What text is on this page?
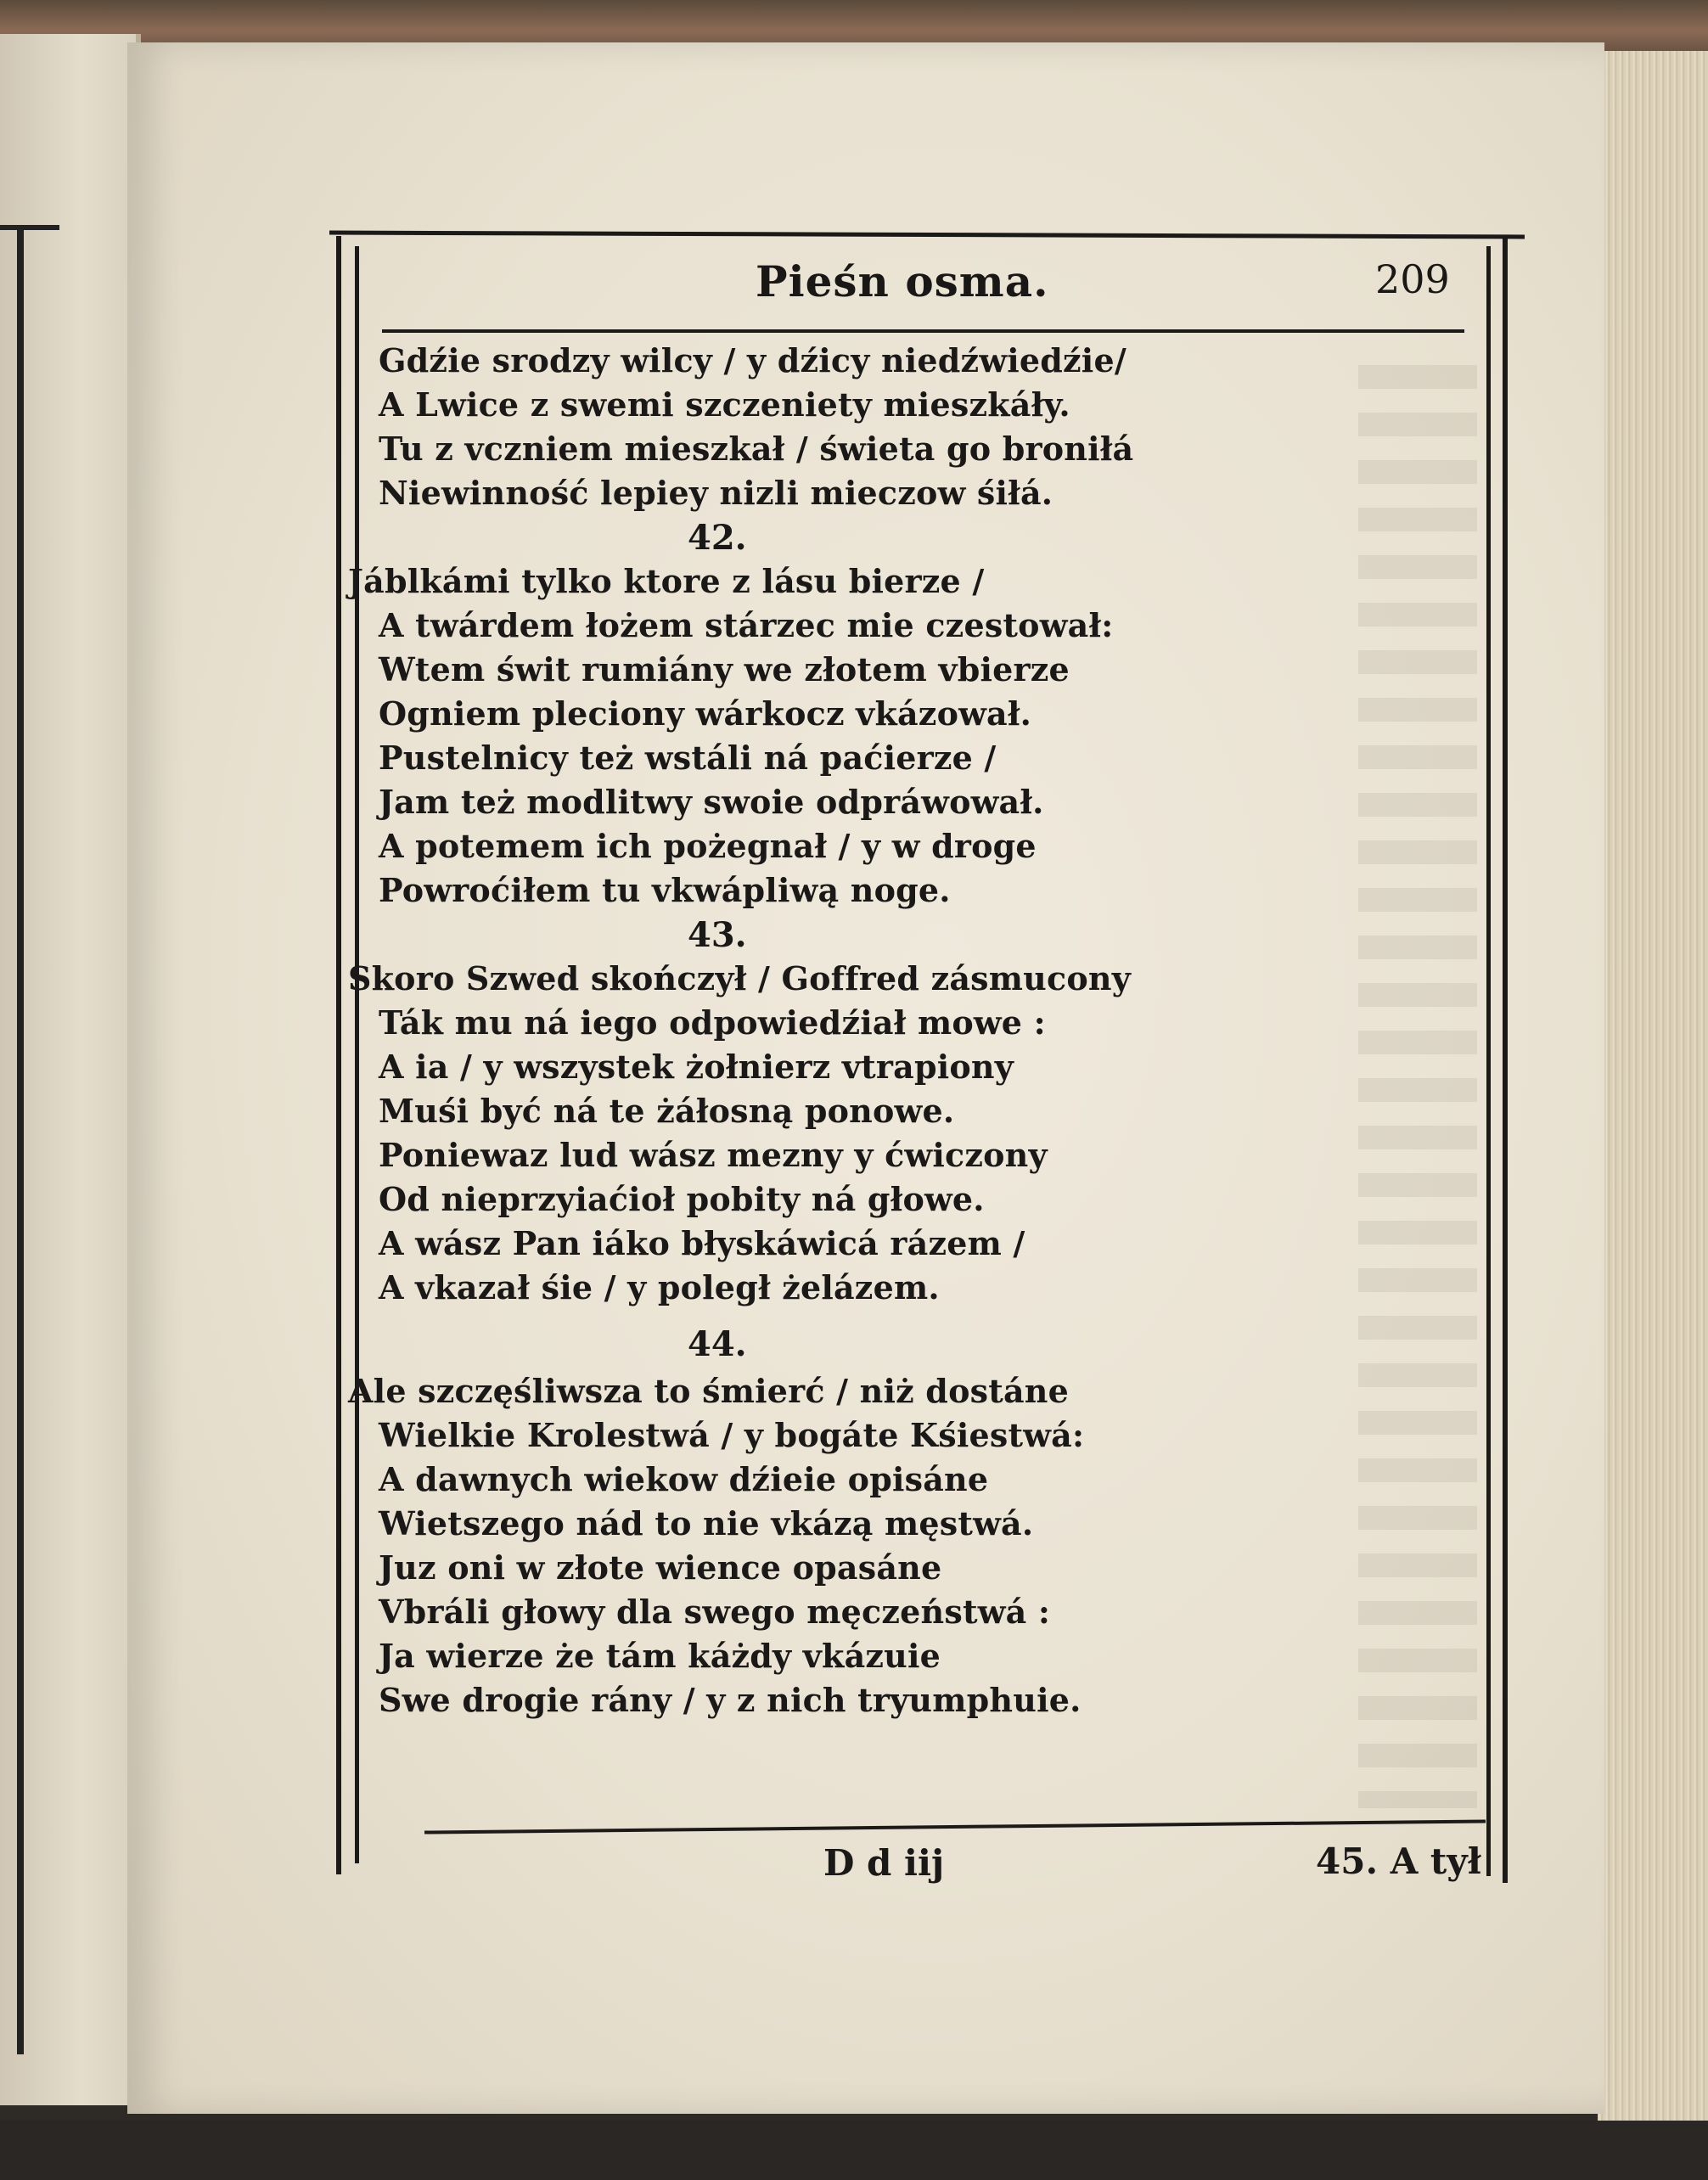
Pieśn osma.	209
Gdźie srodzy wilcy / y dźicy niedźwiedźie/
A Lwice z swemi szczeniety mieszkáły.
Tu z vczniem mieszkał / świeta go broniłá
Niewinność lepiey nizli mieczow śiłá.
42.
Jáblkámi tylko ktore z lásu bierze /
A twárdem łożem stárzec mie czestował:
Wtem świt rumiány we złotem vbierze
Ogniem pleciony wárkocz vkázował.
Pustelnicy też wstáli ná paćierze /
Jam też modlitwy swoie odpráwował.
A potemem ich pożegnał / y w droge
Powroćiłem tu vkwápliwą noge.
43.
Skoro Szwed skończył / Goffred zásmucony
Ták mu ná iego odpowiedźiał mowe :
A ia / y wszystek żołnierz vtrapiony
Muśi być ná te żáłosną ponowe.
Poniewaz lud wász mezny y ćwiczony
Od nieprzyiaćioł pobity ná głowe.
A wász Pan iáko błyskáwicá rázem /
A vkazał śie / y poległ żelázem.
44.
Ale szczęśliwsza to śmierć / niż dostáne
Wielkie Krolestwá / y bogáte Kśiestwá:
A dawnych wiekow dźieie opisáne
Wietszego nád to nie vkázą męstwá.
Juz oni w złote wience opasáne
Vbráli głowy dla swego męczeństwá :
Ja wierze że tám káżdy vkázuie
Swe drogie rány / y z nich tryumphuie.
D d iij	45. A tył
